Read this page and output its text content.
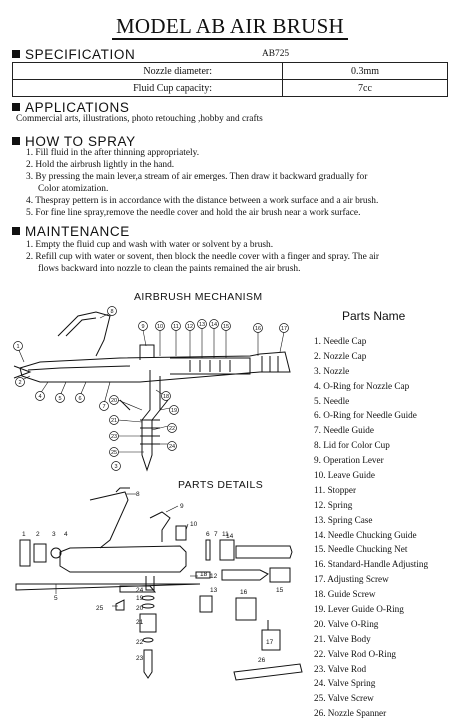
MODEL AB AIR BRUSH
SPECIFICATION	AB725
Nozzle diameter:	0.3mm
Fluid Cup capacity:	7cc
APPLICATIONS
Commercial arts, illustrations, photo retouching ,hobby and crafts
HOW TO SPRAY
1. Fill fluid in the after thinning appropriately.
2. Hold the airbrush lightly in the hand.
3. By pressing the main lever,a stream of air emerges. Then draw it backward gradually for
Color atomization.
4. Thespray pettern is in accordance with the distance between a work surface and a air brush.
5. For fine line spray,remove the needle cover and hold the air brush near a work surface.
MAINTENANCE
1. Empty the fluid cup and wash with water or solvent by a brush.
2. Refill cup with water or sovent, then block the needle cover with a finger and spray. The air
flows backward into nozzle to clean the paints remained the air brush.
AIRBRUSH MECHANISM
PARTS DETAILS
8
1
2
4	5	6
7
9 10 11 12 13 14 15	16	17
18
19
20
21
22
23
24
25
3
1 2 3 4
5
6 7
8
9
10
11
12
13
14
15
16
17
18
19
20
21
22
23
24
25
26
Parts Name
1. Needle Cap
2. Nozzle Cap
3. Nozzle
4. O-Ring for Nozzle Cap
5. Needle
6. O-Ring for Needle Guide
7. Needle Guide
8. Lid for Color Cup
9. Operation Lever
10. Leave Guide
11. Stopper
12. Spring
13. Spring Case
14. Needle Chucking Guide
15. Needle Chucking Net
16. Standard-Handle Adjusting
17. Adjusting Screw
18. Guide Screw
19. Lever Guide O-Ring
20. Valve O-Ring
21. Valve Body
22. Valve Rod O-Ring
23. Valve Rod
24. Valve Spring
25. Valve Screw
26. Nozzle Spanner
